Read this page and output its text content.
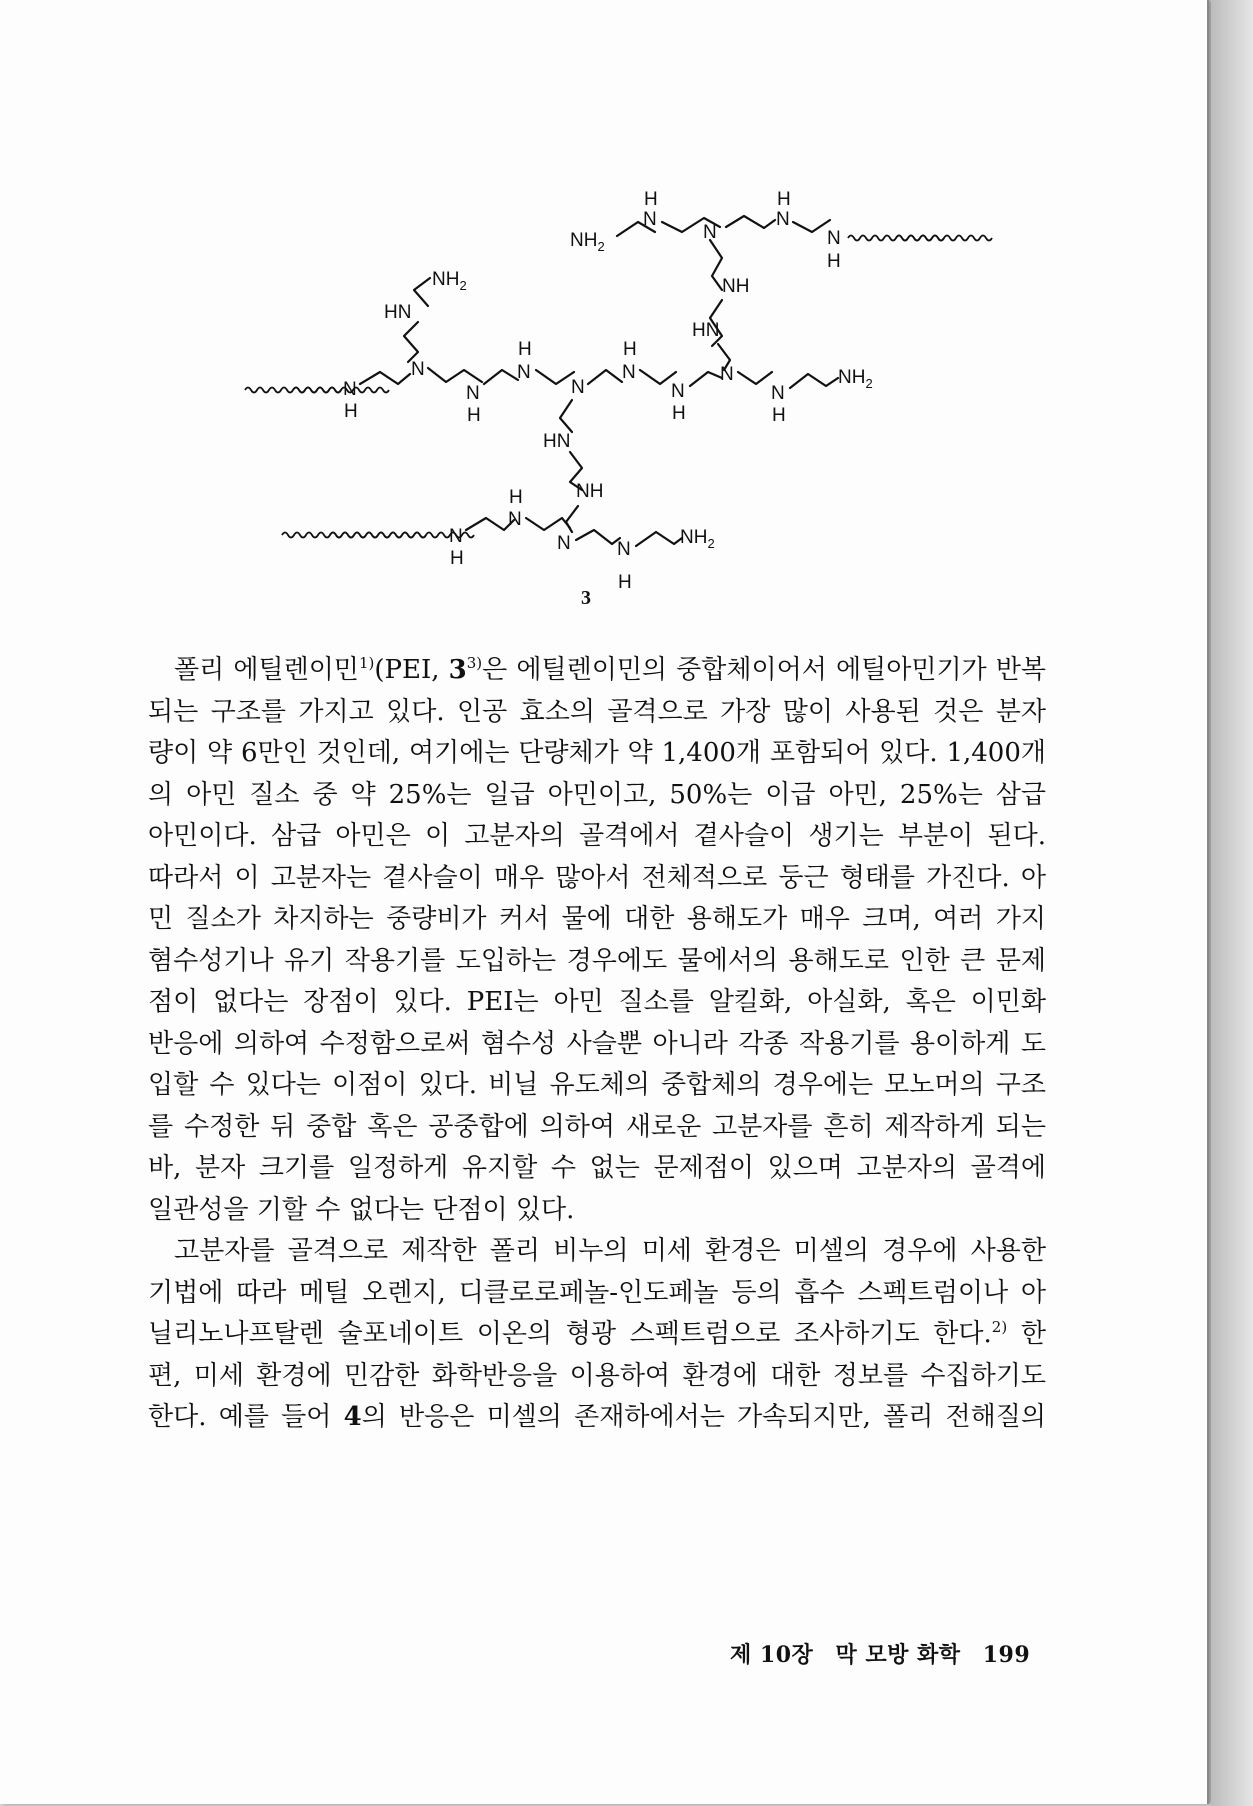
$NH_2$
H
N
N
H
N
N
H
NH
HN
$NH_2$
HN
N
H
N
N
H
H
N
N
H
N
N
H
N
N
H
$NH_2$
HN
NH
N
H
H
N
N N
H
$NH_2$
3
폴리 에틸렌이민$^{1)}$(PEI, 3$^{3)}$은 에틸렌이민의 중합체이어서 에틸아민기가 반복
되는 구조를 가지고 있다. 인공 효소의 골격으로 가장 많이 사용된 것은 분자
량이 약 6만인 것인데, 여기에는 단량체가 약 1,400개 포함되어 있다. 1,400개
의 아민 질소 중 약 25%는 일급 아민이고, 50%는 이급 아민, 25%는 삼급
아민이다. 삼급 아민은 이 고분자의 골격에서 곁사슬이 생기는 부분이 된다.
따라서 이 고분자는 곁사슬이 매우 많아서 전체적으로 둥근 형태를 가진다. 아
민 질소가 차지하는 중량비가 커서 물에 대한 용해도가 매우 크며, 여러 가지
혐수성기나 유기 작용기를 도입하는 경우에도 물에서의 용해도로 인한 큰 문제
점이 없다는 장점이 있다. PEI는 아민 질소를 알킬화, 아실화, 혹은 이민화
반응에 의하여 수정함으로써 혐수성 사슬뿐 아니라 각종 작용기를 용이하게 도
입할 수 있다는 이점이 있다. 비닐 유도체의 중합체의 경우에는 모노머의 구조
를 수정한 뒤 중합 혹은 공중합에 의하여 새로운 고분자를 흔히 제작하게 되는
바, 분자 크기를 일정하게 유지할 수 없는 문제점이 있으며 고분자의 골격에
일관성을 기할 수 없다는 단점이 있다.
고분자를 골격으로 제작한 폴리 비누의 미세 환경은 미셀의 경우에 사용한
기법에 따라 메틸 오렌지, 디클로로페놀-인도페놀 등의 흡수 스펙트럼이나 아
닐리노나프탈렌 술포네이트 이온의 형광 스펙트럼으로 조사하기도 한다.$^{2)}$ 한
편, 미세 환경에 민감한 화학반응을 이용하여 환경에 대한 정보를 수집하기도
한다. 예를 들어 4의 반응은 미셀의 존재하에서는 가속되지만, 폴리 전해질의
제 10장 막 모방 화학 199
